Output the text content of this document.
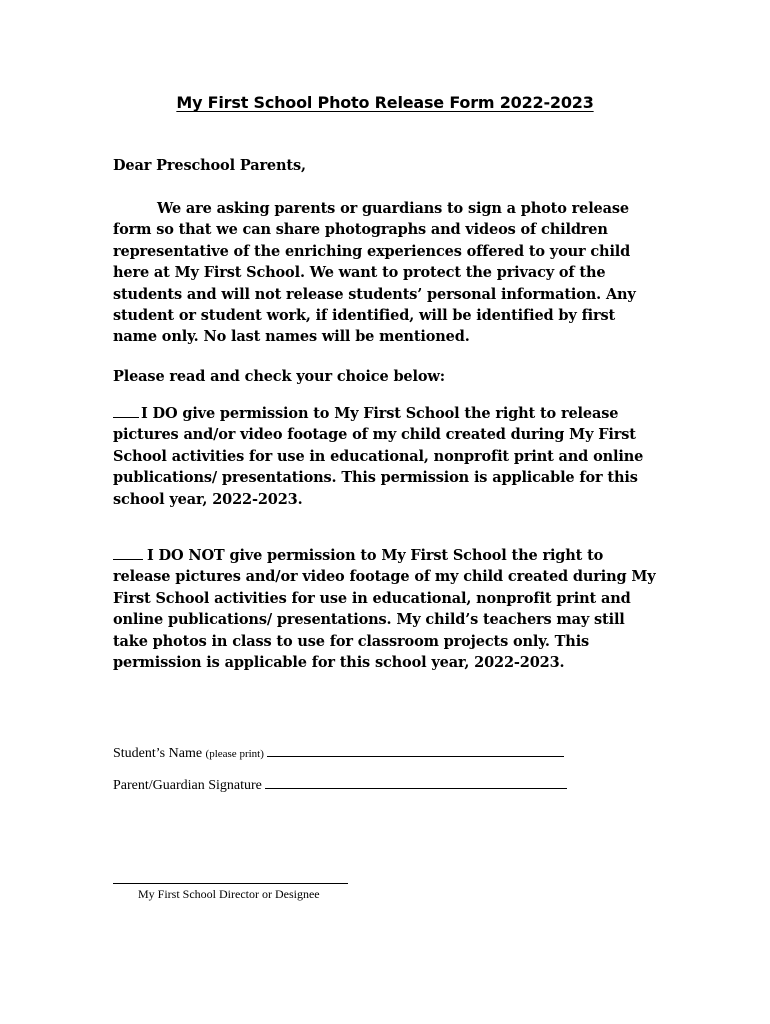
My First School Photo Release Form 2022-2023
Dear Preschool Parents,
We are asking parents or guardians to sign a photo release form so that we can share photographs and videos of children representative of the enriching experiences offered to your child here at My First School. We want to protect the privacy of the students and will not release students’ personal information. Any student or student work, if identified, will be identified by first name only. No last names will be mentioned.
Please read and check your choice below:
I DO give permission to My First School the right to release pictures and/or video footage of my child created during My First School activities for use in educational, nonprofit print and online publications/ presentations. This permission is applicable for this school year, 2022-2023.
I DO NOT give permission to My First School the right to release pictures and/or video footage of my child created during My First School activities for use in educational, nonprofit print and online publications/ presentations. My child’s teachers may still take photos in class to use for classroom projects only. This permission is applicable for this school year, 2022-2023.
Student’s Name (please print)
Parent/Guardian Signature
My First School Director or Designee
